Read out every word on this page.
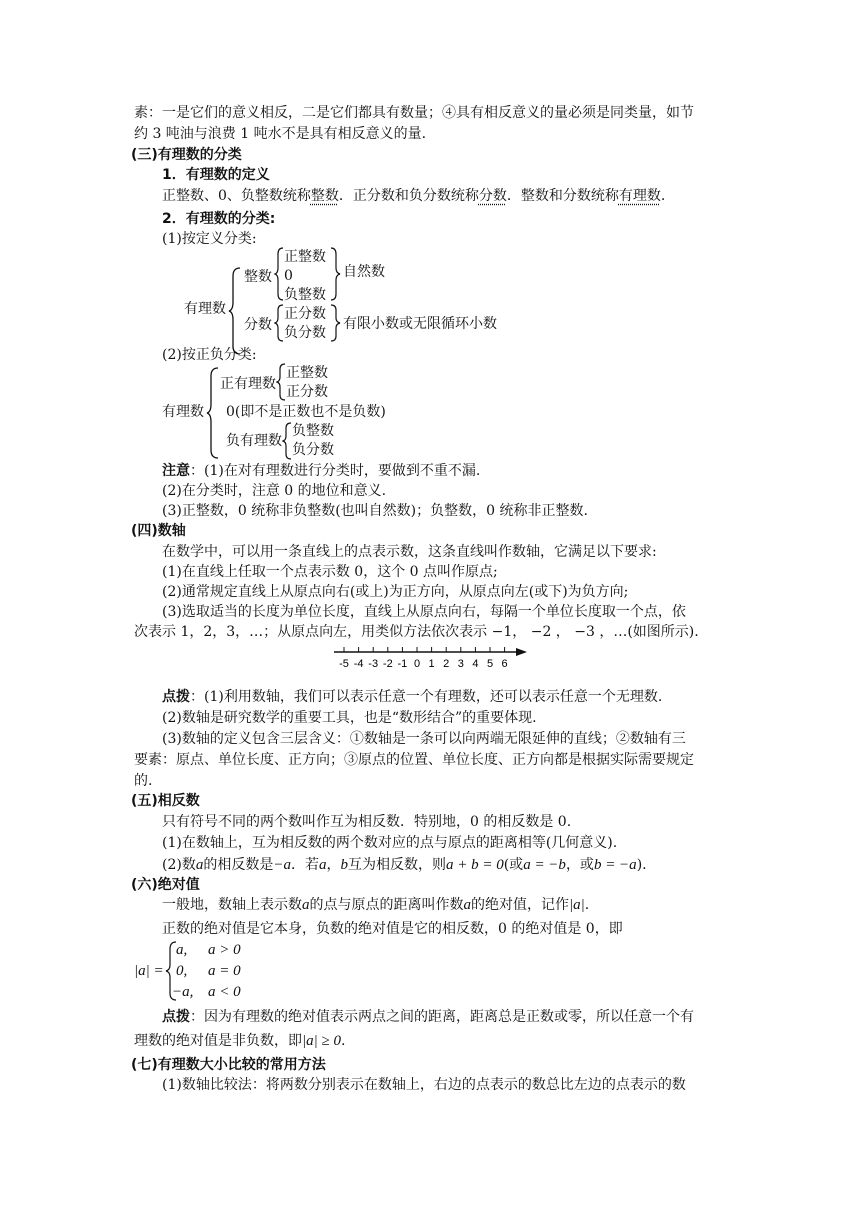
素：一是它们的意义相反，二是它们都具有数量；④具有相反意义的量必须是同类量，如节
约 3 吨油与浪费 1 吨水不是具有相反意义的量.
(三)有理数的分类
1．有理数的定义
正整数、0、负整数统称整数．正分数和负分数统称分数．整数和分数统称有理数.
2．有理数的分类:
(1)按定义分类:
有理数
整数
正整数
0
负整数
自然数
分数
正分数
负分数
有限小数或无限循环小数
(2)按正负分类:
有理数
正有理数
正整数
正分数
0(即不是正数也不是负数)
负有理数
负整数
负分数
注意：(1)在对有理数进行分类时，要做到不重不漏.
(2)在分类时，注意 0 的地位和意义.
(3)正整数，0 统称非负整数(也叫自然数)；负整数，0 统称非正整数.
(四)数轴
在数学中，可以用一条直线上的点表示数，这条直线叫作数轴，它满足以下要求:
(1)在直线上任取一个点表示数 0，这个 0 点叫作原点;
(2)通常规定直线上从原点向右(或上)为正方向，从原点向左(或下)为负方向;
(3)选取适当的长度为单位长度，直线上从原点向右，每隔一个单位长度取一个点，依
次表示 1，2，3，…；从原点向左，用类似方法依次表示 −1， −2 ， −3 ，…(如图所示).
-5 -4 -3 -2 -1 0 1 2 3 4 5 6
点拨：(1)利用数轴，我们可以表示任意一个有理数，还可以表示任意一个无理数.
(2)数轴是研究数学的重要工具，也是“数形结合”的重要体现.
(3)数轴的定义包含三层含义：①数轴是一条可以向两端无限延伸的直线；②数轴有三
要素：原点、单位长度、正方向；③原点的位置、单位长度、正方向都是根据实际需要规定
的.
(五)相反数
只有符号不同的两个数叫作互为相反数．特别地，0 的相反数是 0.
(1)在数轴上，互为相反数的两个数对应的点与原点的距离相等(几何意义).
(2)数a的相反数是−a．若a，b互为相反数，则a + b = 0(或a = −b，或b = −a).
(六)绝对值
一般地，数轴上表示数a的点与原点的距离叫作数a的绝对值，记作|a|.
正数的绝对值是它本身，负数的绝对值是它的相反数，0 的绝对值是 0，即
|a| =
a, a > 0
0, a = 0
−a, a < 0
点拨：因为有理数的绝对值表示两点之间的距离，距离总是正数或零，所以任意一个有
理数的绝对值是非负数，即|a| ≥ 0.
(七)有理数大小比较的常用方法
(1)数轴比较法：将两数分别表示在数轴上，右边的点表示的数总比左边的点表示的数
